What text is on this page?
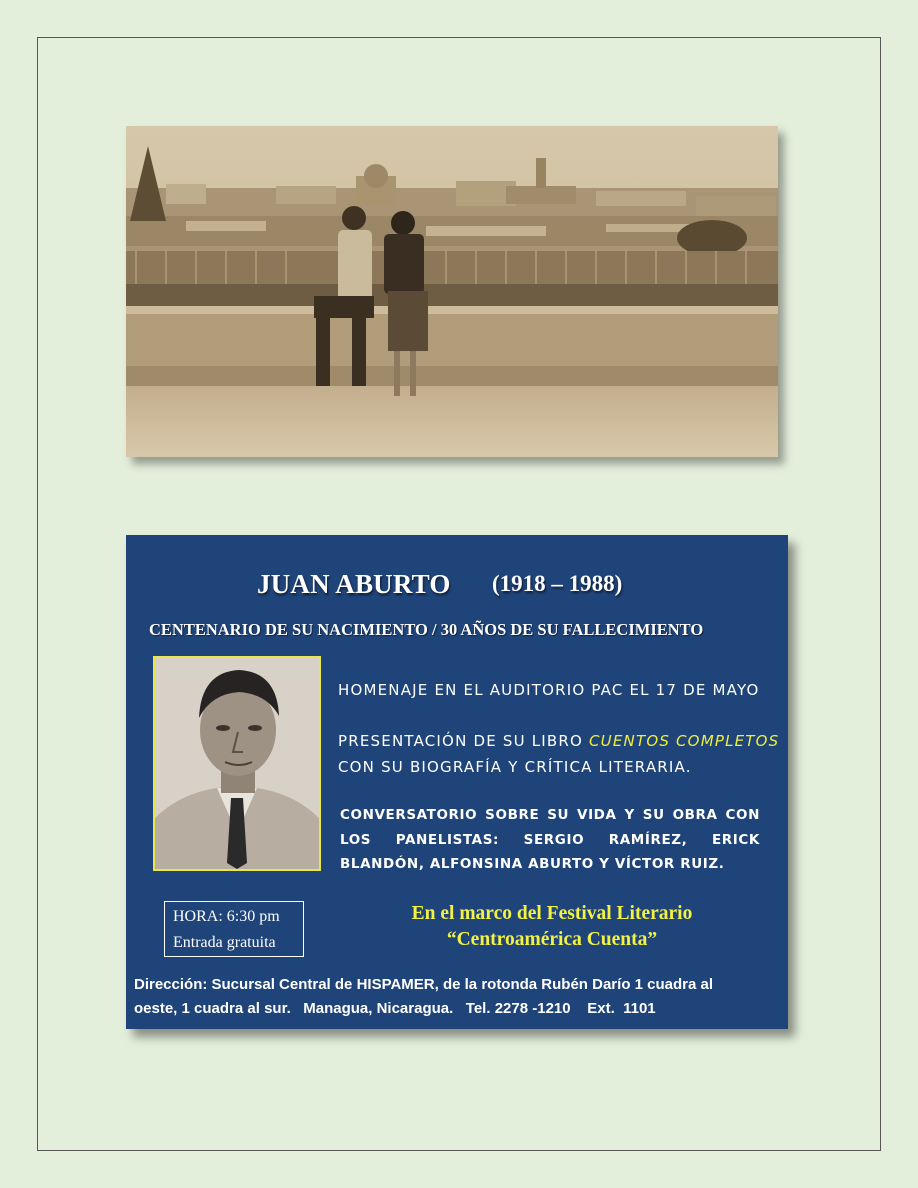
JUAN ABURTO (1918 – 1988)
CENTENARIO DE SU NACIMIENTO / 30 AÑOS DE SU FALLECIMIENTO
HOMENAJE EN EL AUDITORIO PAC EL 17 DE MAYO
PRESENTACIÓN DE SU LIBRO CUENTOS COMPLETOS
CON SU BIOGRAFÍA Y CRÍTICA LITERARIA.
CONVERSATORIO SOBRE SU VIDA Y SU OBRA CON LOS PANELISTAS: SERGIO RAMÍREZ, ERICK BLANDÓN, ALFONSINA ABURTO Y VÍCTOR RUIZ.
HORA: 6:30 pm
Entrada gratuita
En el marco del Festival Literario
“Centroamérica Cuenta”
Dirección: Sucursal Central de HISPAMER, de la rotonda Rubén Darío 1 cuadra al
oeste, 1 cuadra al sur.   Managua, Nicaragua.   Tel. 2278 -1210    Ext.  1101
